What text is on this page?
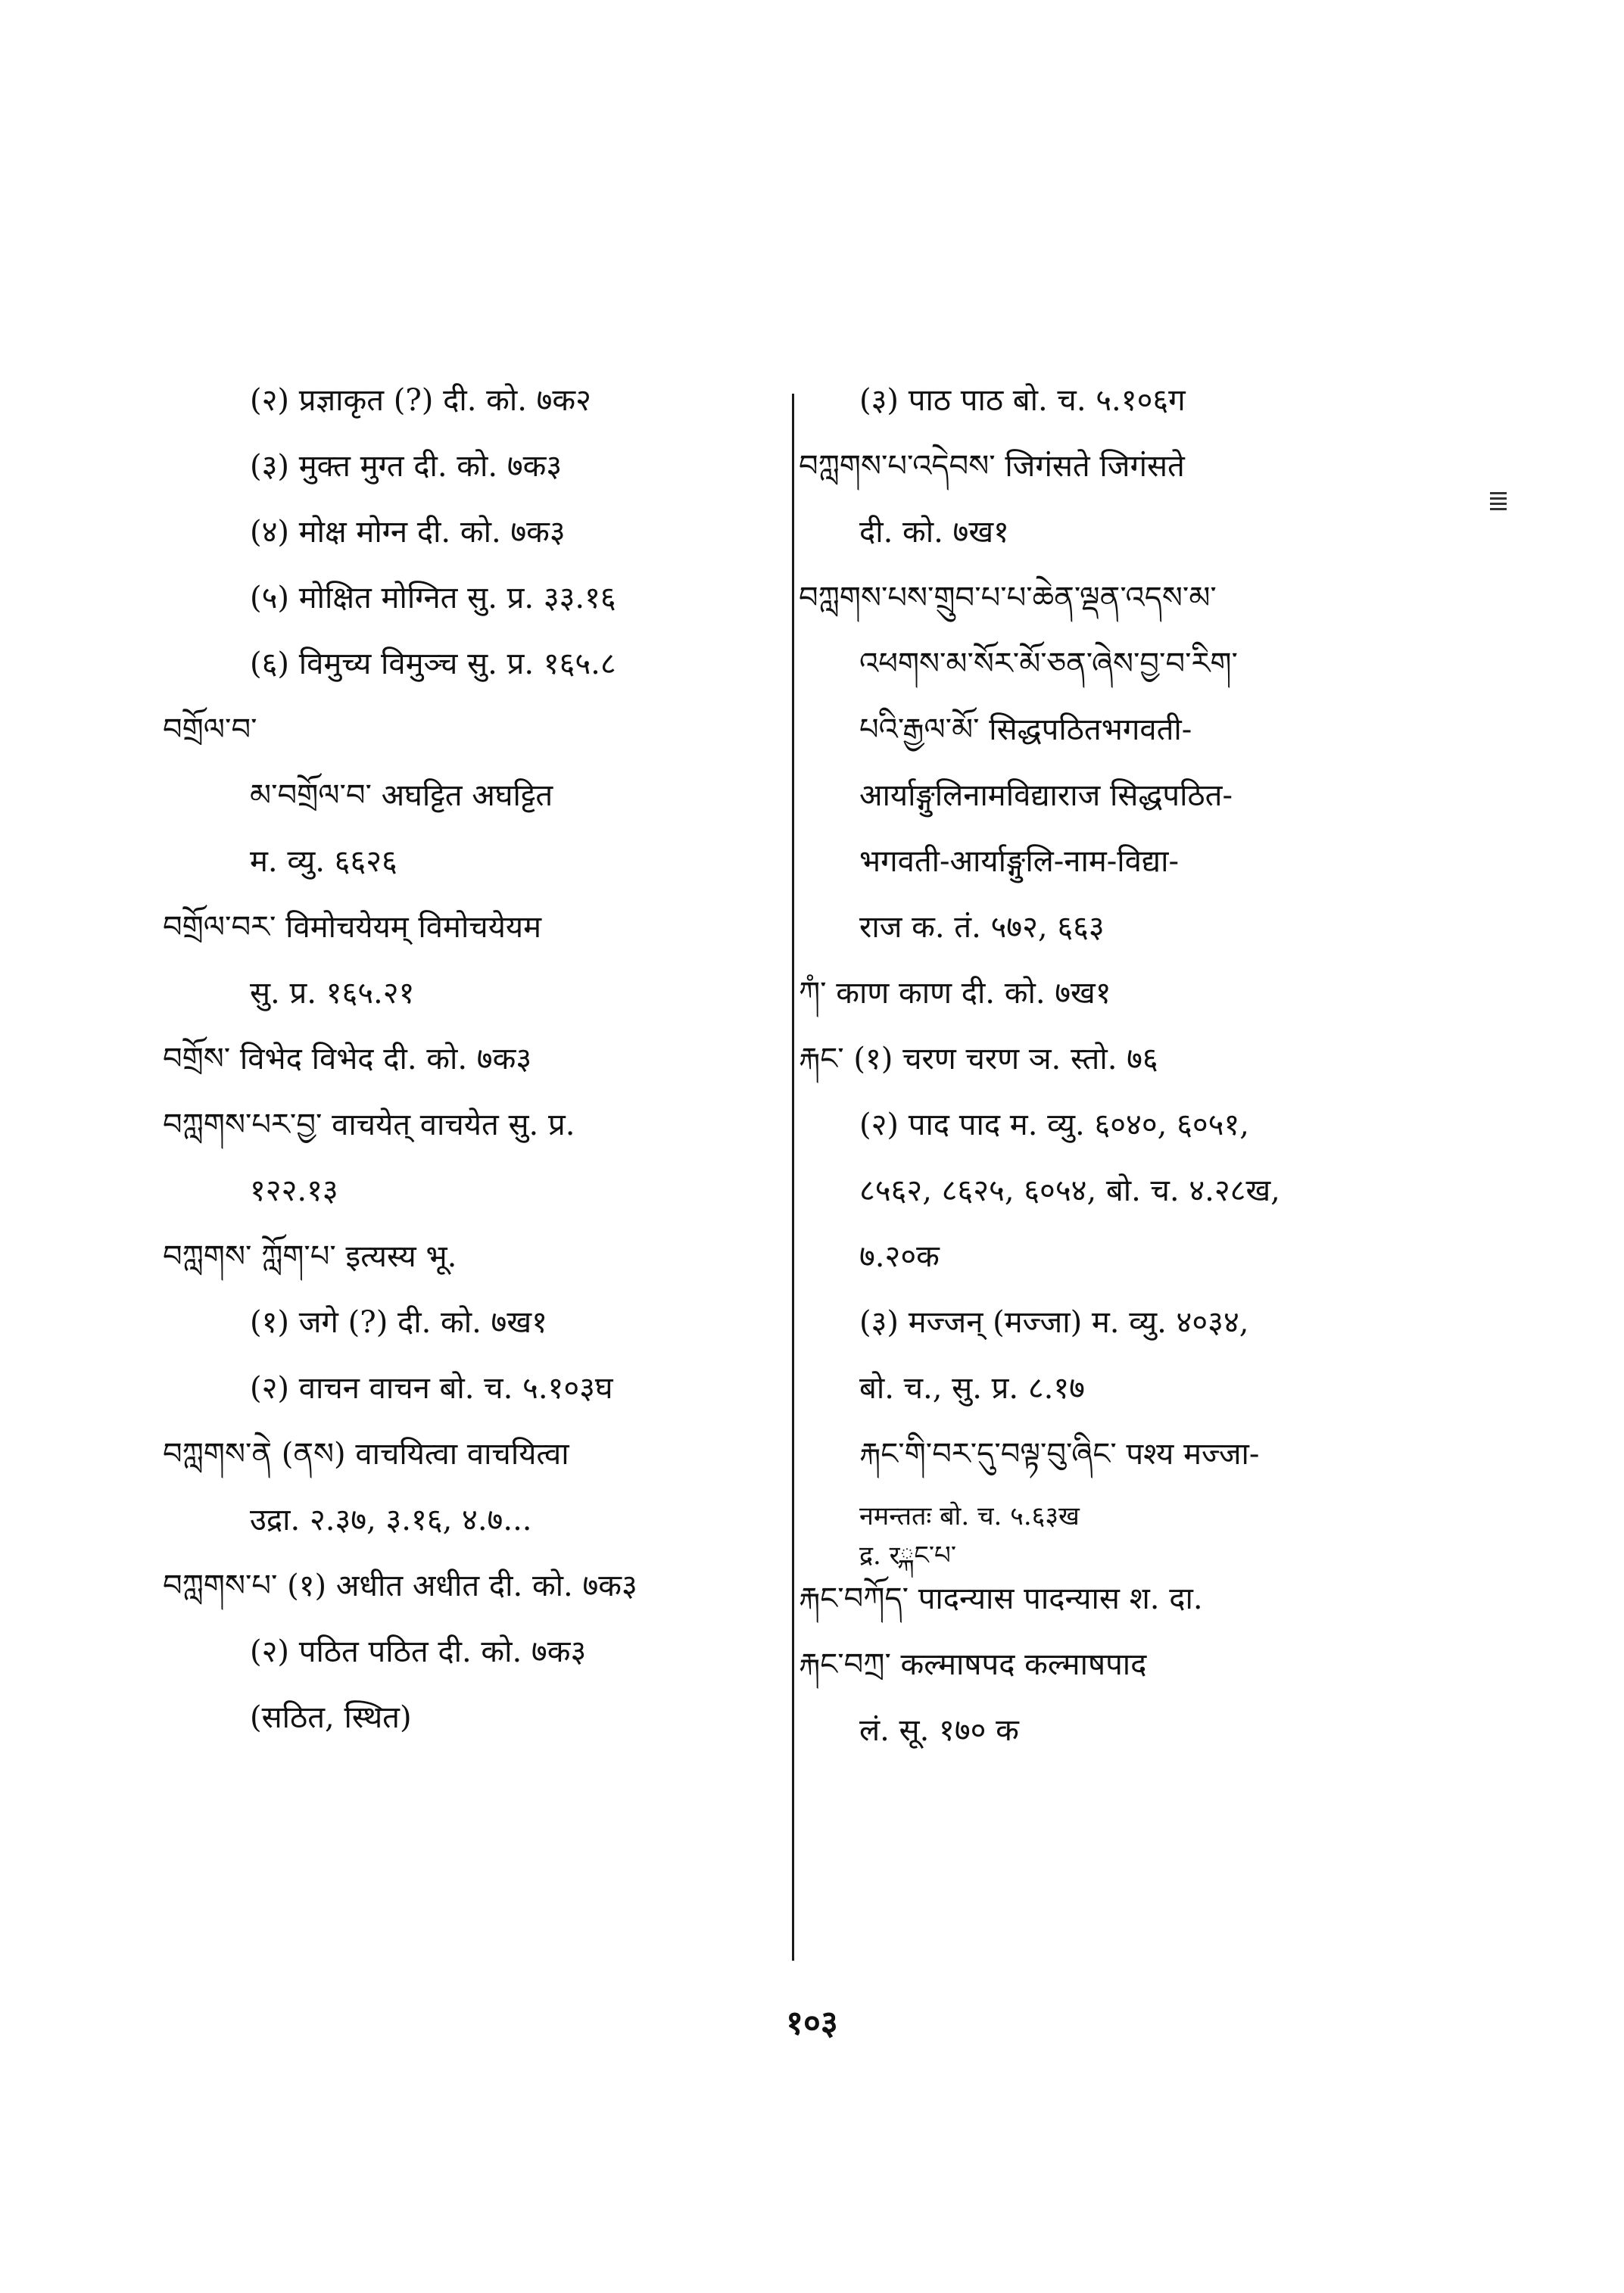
(२) प्रज्ञाकृत (?) दी. को. ७क२
(३) मुक्त मुग्त दी. को. ७क३
(४) मोक्ष मोग्न दी. को. ७क३
(५) मोक्षित मोग्नित सु. प्र. ३३.१६
(६) विमुच्य विमुञ्च सु. प्र. १६५.८
བགྲོལ་བ་
མ་བགྲོལ་བ་ अघट्टित अघट्टित
म. व्यु. ६६२६
བགྲོལ་བར་ विमोचयेयम् विमोचयेयम
सु. प्र. १६५.२१
བགྲོས་ विभेद विभेद दी. को. ७क३
བཀླགས་པར་བྱ་ वाचयेत् वाचयेत सु. प्र.
१२२.१३
བཀླགས་ ཀློག་པ་ इत्यस्य भू.
(१) जगे (?) दी. को. ७ख१
(२) वाचन वाचन बो. च. ५.१०३घ
བཀླགས་ནེ (ནས) वाचयित्वा वाचयित्वा
उद्रा. २.३७, ३.१६, ४.७...
བཀླགས་པ་ (१) अधीत अधीत दी. को. ७क३
(२) पठित पठित दी. को. ७क३
(सठित, स्थित)
(३) पाठ पाठ बो. च. ५.१०६ग
བཀླགས་པ་འདེབས་ जिगंसते जिगंसते
दी. को. ७ख१
བཀླགས་པས་གྲུབ་པ་པ་ཆེན་ལྡན་འདས་མ་
འཕགས་མ་སོར་མོ་ཅན་ཞེས་བྱ་བ་རིག་
པའི་རྒྱལ་མོ་ सिद्धपठितभगवती-
आर्याङ्गुलिनामविद्याराज सिद्धपठित-
भगवती-आर्याङ्गुलि-नाम-विद्या-
राज क. तं. ५७२, ६६३
ཀཾ་ काण काण दी. को. ७ख१
རྐང་ (१) चरण चरण ञ. स्तो. ७६
(२) पाद पाद म. व्यु. ६०४०, ६०५१,
८५६२, ८६२५, ६०५४, बो. च. ४.२८ख,
७.२०क
(३) मज्जन् (मज्जा) म. व्यु. ४०३४,
बो. च., सु. प्र. ८.१७
རྐང་གི་བར་དུ་བལྟ་བུ་ཞིང་ पश्य मज्जा-
नमन्ततः बो. च. ५.६३ख
द्र. रྐང་པ་
རྐང་བཀོད་ पादन्यास पादन्यास श. दा.
རྐང་བཀྲ་ कल्माषपद कल्माषपाद
लं. सू. १७० क
१०३
